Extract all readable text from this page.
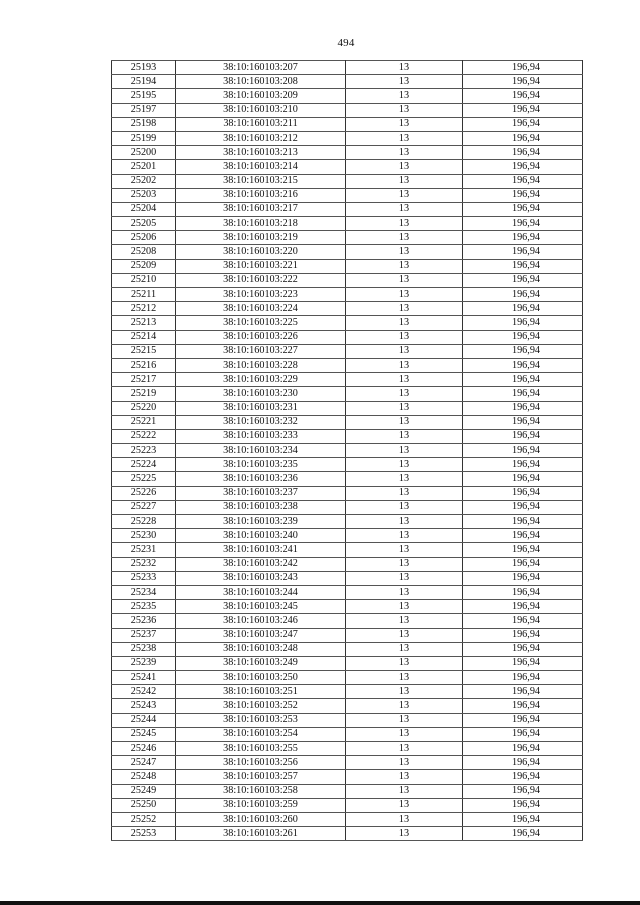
494
25193	38:10:160103:207	13	196,94
25194	38:10:160103:208	13	196,94
25195	38:10:160103:209	13	196,94
25197	38:10:160103:210	13	196,94
25198	38:10:160103:211	13	196,94
25199	38:10:160103:212	13	196,94
25200	38:10:160103:213	13	196,94
25201	38:10:160103:214	13	196,94
25202	38:10:160103:215	13	196,94
25203	38:10:160103:216	13	196,94
25204	38:10:160103:217	13	196,94
25205	38:10:160103:218	13	196,94
25206	38:10:160103:219	13	196,94
25208	38:10:160103:220	13	196,94
25209	38:10:160103:221	13	196,94
25210	38:10:160103:222	13	196,94
25211	38:10:160103:223	13	196,94
25212	38:10:160103:224	13	196,94
25213	38:10:160103:225	13	196,94
25214	38:10:160103:226	13	196,94
25215	38:10:160103:227	13	196,94
25216	38:10:160103:228	13	196,94
25217	38:10:160103:229	13	196,94
25219	38:10:160103:230	13	196,94
25220	38:10:160103:231	13	196,94
25221	38:10:160103:232	13	196,94
25222	38:10:160103:233	13	196,94
25223	38:10:160103:234	13	196,94
25224	38:10:160103:235	13	196,94
25225	38:10:160103:236	13	196,94
25226	38:10:160103:237	13	196,94
25227	38:10:160103:238	13	196,94
25228	38:10:160103:239	13	196,94
25230	38:10:160103:240	13	196,94
25231	38:10:160103:241	13	196,94
25232	38:10:160103:242	13	196,94
25233	38:10:160103:243	13	196,94
25234	38:10:160103:244	13	196,94
25235	38:10:160103:245	13	196,94
25236	38:10:160103:246	13	196,94
25237	38:10:160103:247	13	196,94
25238	38:10:160103:248	13	196,94
25239	38:10:160103:249	13	196,94
25241	38:10:160103:250	13	196,94
25242	38:10:160103:251	13	196,94
25243	38:10:160103:252	13	196,94
25244	38:10:160103:253	13	196,94
25245	38:10:160103:254	13	196,94
25246	38:10:160103:255	13	196,94
25247	38:10:160103:256	13	196,94
25248	38:10:160103:257	13	196,94
25249	38:10:160103:258	13	196,94
25250	38:10:160103:259	13	196,94
25252	38:10:160103:260	13	196,94
25253	38:10:160103:261	13	196,94
